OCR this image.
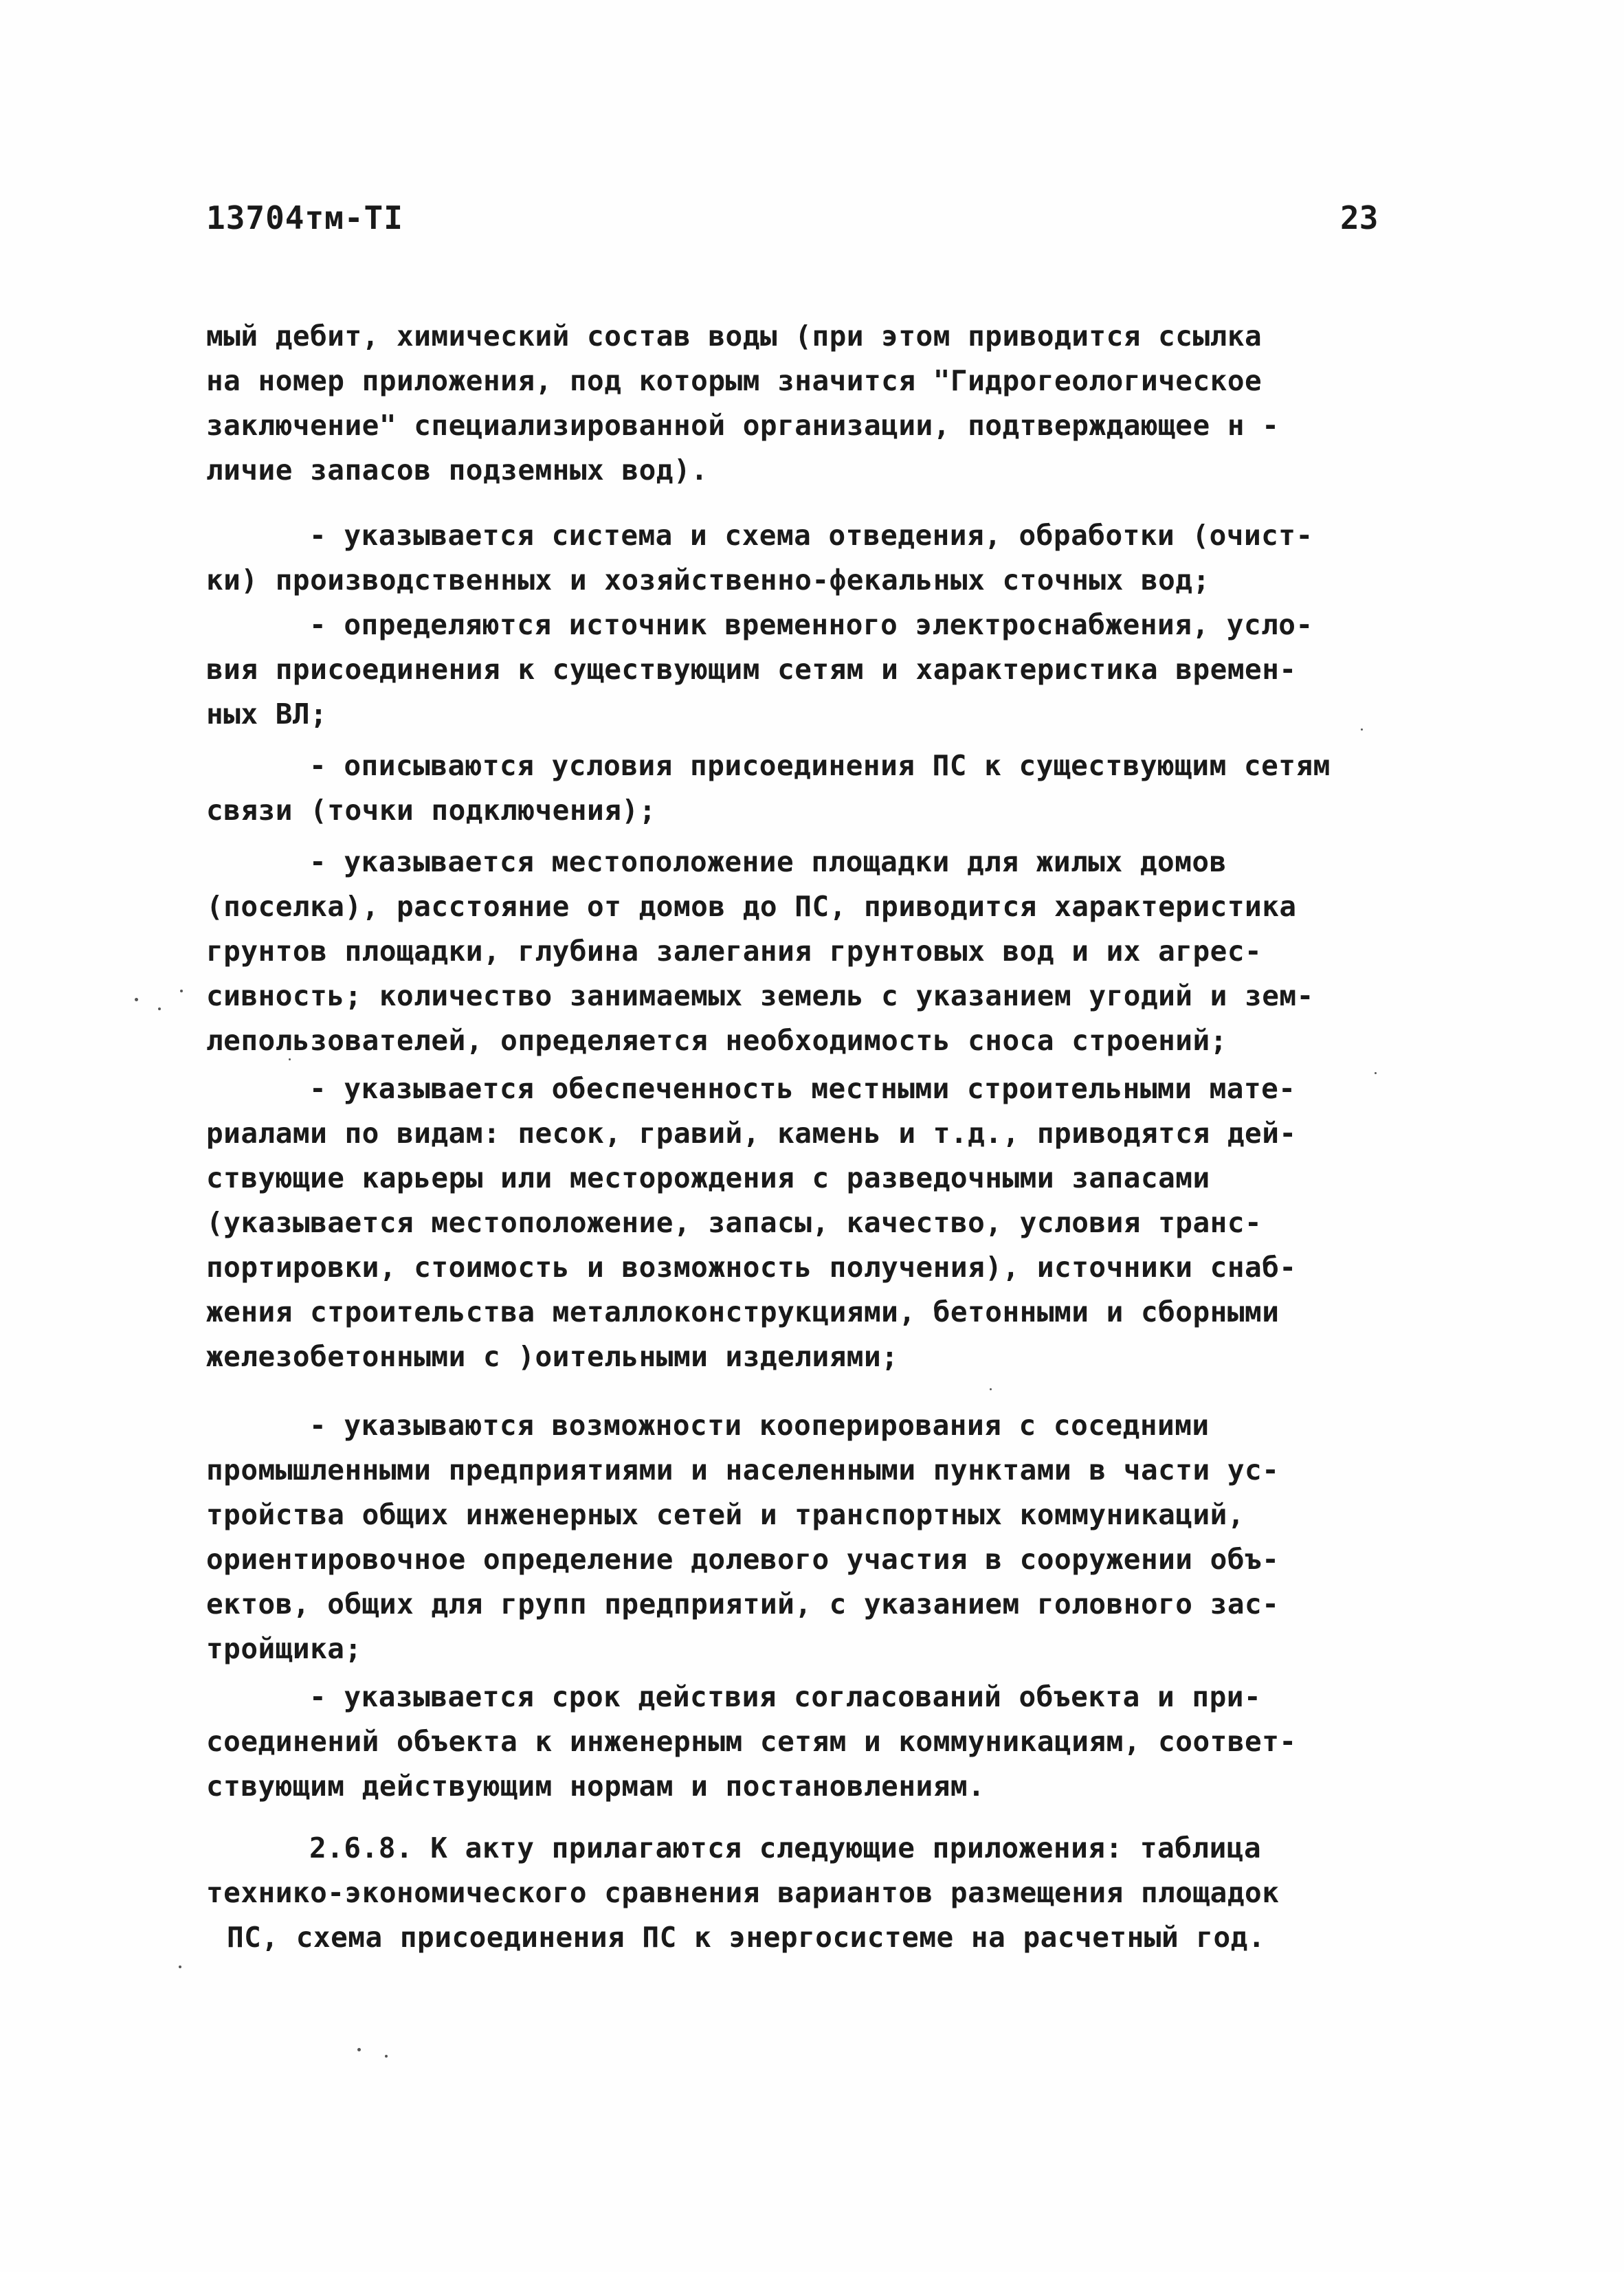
13704тм-TI	23
мый дебит, химический состав воды (при этом приводится ссылка
на номер приложения, под которым значится "Гидрогеологическое
заключение" специализированной организации, подтверждающее н -
личие запасов подземных вод).
- указывается система и схема отведения, обработки (очист-
ки) производственных и хозяйственно-фекальных сточных вод;
- определяются источник временного электроснабжения, усло-
вия присоединения к существующим сетям и характеристика времен-
ных ВЛ;
- описываются условия присоединения ПС к существующим сетям
связи (точки подключения);
- указывается местоположение площадки для жилых домов
(поселка), расстояние от домов до ПС, приводится характеристика
грунтов площадки, глубина залегания грунтовых вод и их агрес-
сивность; количество занимаемых земель с указанием угодий и зем-
лепользователей, определяется необходимость сноса строений;
- указывается обеспеченность местными строительными мате-
риалами по видам: песок, гравий, камень и т.д., приводятся дей-
ствующие карьеры или месторождения с разведочными запасами
(указывается местоположение, запасы, качество, условия транс-
портировки, стоимость и возможность получения), источники снаб-
жения строительства металлоконструкциями, бетонными и сборными
железобетонными с )оительными изделиями;
- указываются возможности кооперирования с соседними
промышленными предприятиями и населенными пунктами в части ус-
тройства общих инженерных сетей и транспортных коммуникаций,
ориентировочное определение долевого участия в сооружении объ-
ектов, общих для групп предприятий, с указанием головного зас-
тройщика;
- указывается срок действия согласований объекта и при-
соединений объекта к инженерным сетям и коммуникациям, соответ-
ствующим действующим нормам и постановлениям.
2.6.8. К акту прилагаются следующие приложения: таблица
технико-экономического сравнения вариантов размещения площадок
ПС, схема присоединения ПС к энергосистеме на расчетный год.
